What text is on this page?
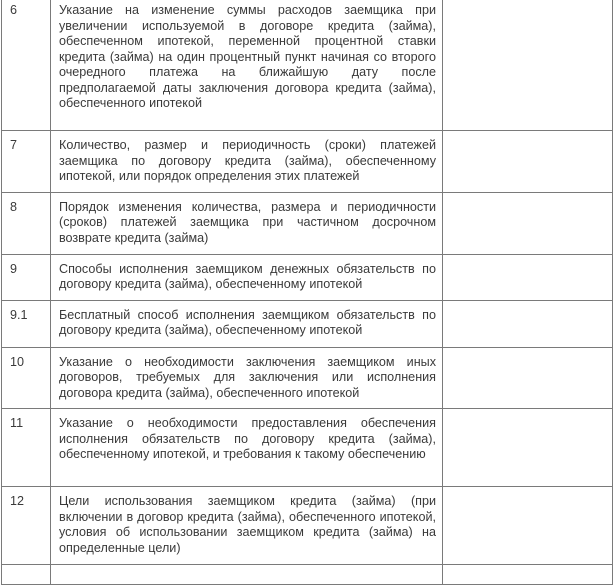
6	Указание на изменение суммы расходов заемщика при увеличении используемой в договоре кредита (займа), обеспеченном ипотекой, переменной процентной ставки кредита (займа) на один процентный пункт начиная со второго очередного платежа на ближайшую дату после предполагаемой даты заключения договора кредита (займа), обеспеченного ипотекой	
7	Количество, размер и периодичность (сроки) платежей заемщика по договору кредита (займа), обеспеченному ипотекой, или порядок определения этих платежей	
8	Порядок изменения количества, размера и периодичности (сроков) платежей заемщика при частичном досрочном возврате кредита (займа)	
9	Способы исполнения заемщиком денежных обязательств по договору кредита (займа), обеспеченному ипотекой	
9.1	Бесплатный способ исполнения заемщиком обязательств по договору кредита (займа), обеспеченному ипотекой	
10	Указание о необходимости заключения заемщиком иных договоров, требуемых для заключения или исполнения договора кредита (займа), обеспеченного ипотекой	
11	Указание о необходимости предоставления обеспечения исполнения обязательств по договору кредита (займа), обеспеченному ипотекой, и требования к такому обеспечению	
12	Цели использования заемщиком кредита (займа) (при включении в договор кредита (займа), обеспеченного ипотекой, условия об использовании заемщиком кредита (займа) на определенные цели)	
